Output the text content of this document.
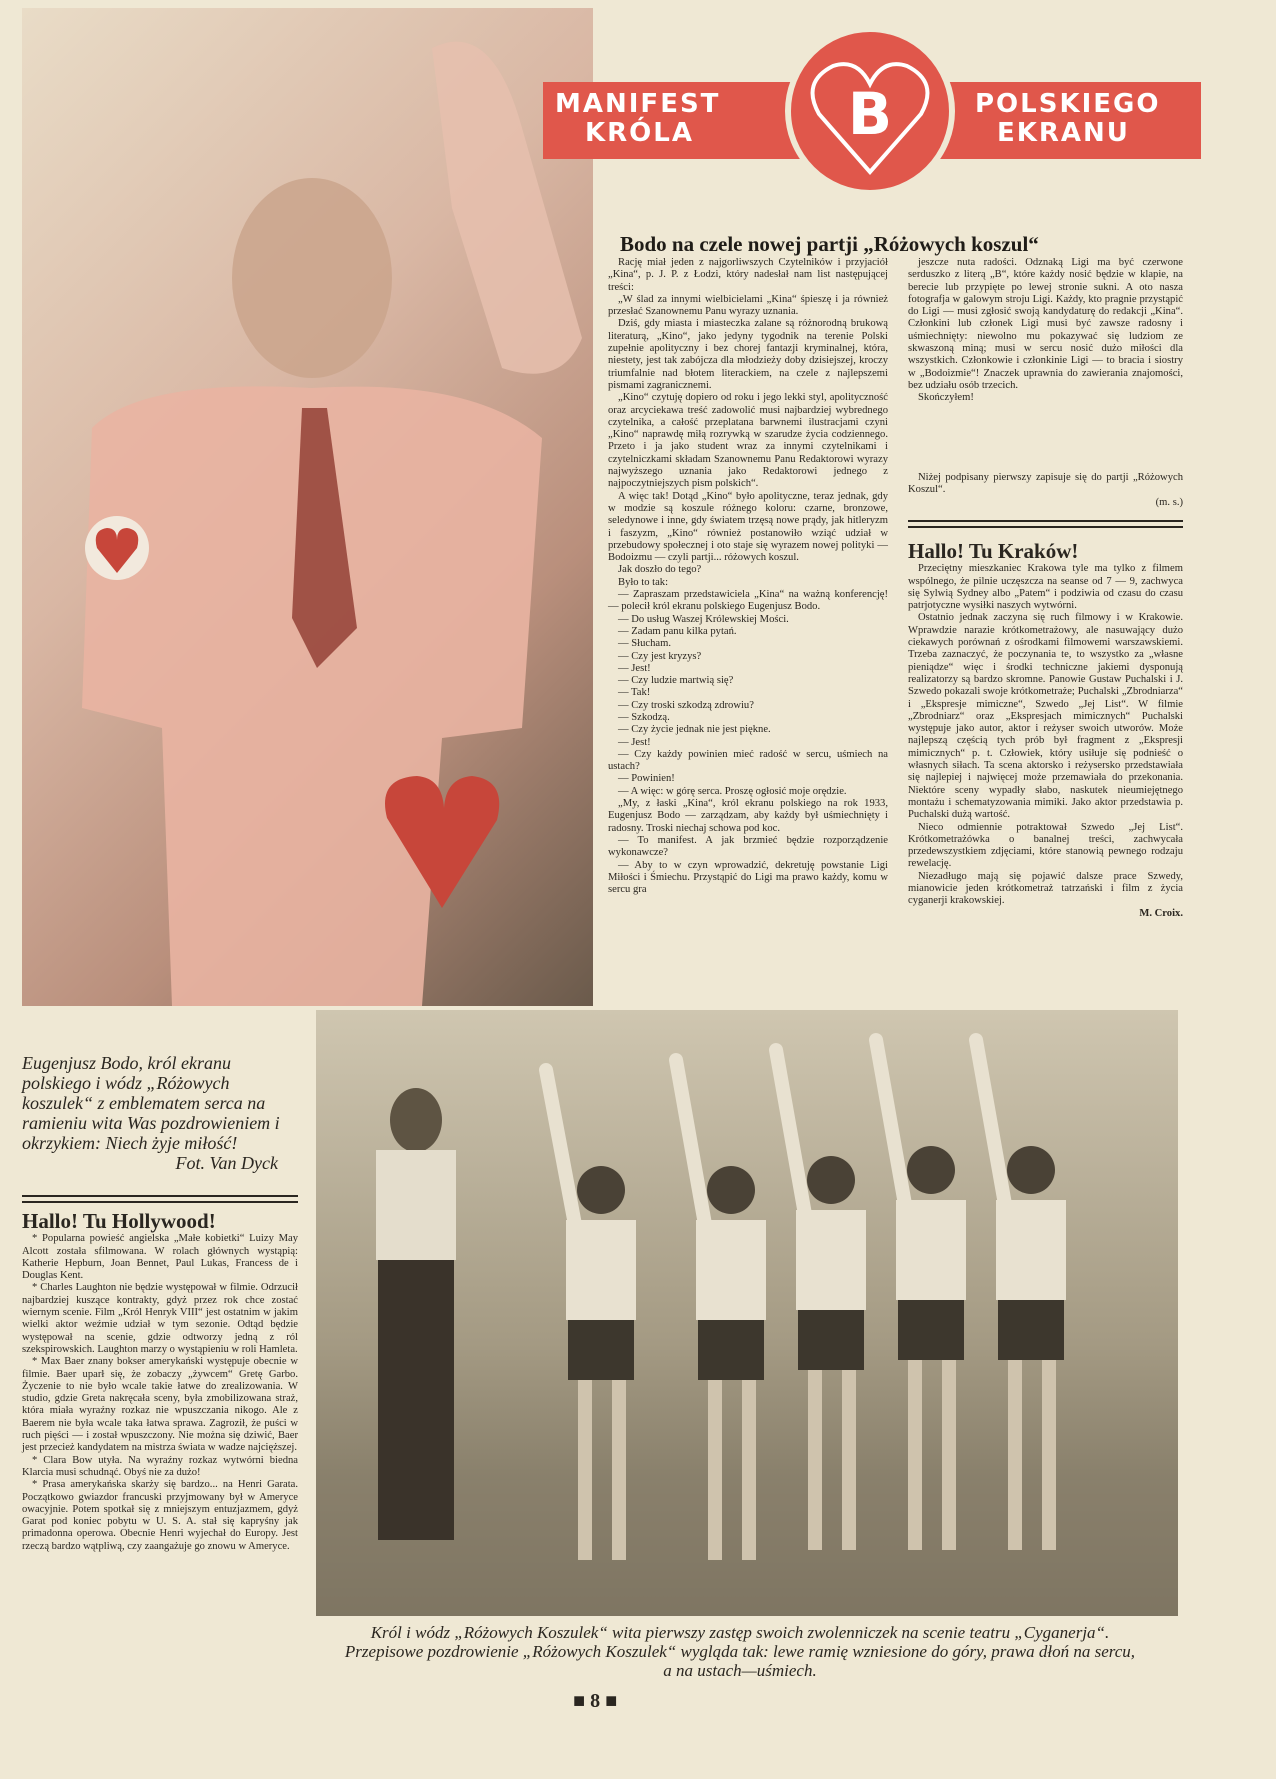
MANIFEST
KRÓLA
POLSKIEGO
EKRANU
B
Bodo na czele nowej partji „Różowych koszul“

Rację miał jeden z najgorliwszych Czytelników i przyjaciół „Kina“, p. J. P. z Łodzi, który nadesłał nam list następującej treści:

„W ślad za innymi wielbicielami „Kina“ śpieszę i ja również przesłać Szanownemu Panu wyrazy uznania.

Dziś, gdy miasta i miasteczka zalane są różnorodną brukową literaturą, „Kino“, jako jedyny tygodnik na terenie Polski zupełnie apolityczny i bez chorej fantazji kryminalnej, która, niestety, jest tak zabójcza dla młodzieży doby dzisiejszej, kroczy triumfalnie nad błotem literackiem, na czele z najlepszemi pismami zagranicznemi.

„Kino“ czytuję dopiero od roku i jego lekki styl, apolityczność oraz arcyciekawa treść zadowolić musi najbardziej wybrednego czytelnika, a całość przeplatana barwnemi ilustracjami czyni „Kino“ naprawdę miłą rozrywką w szarudze życia codziennego. Przeto i ja jako student wraz za innymi czytelnikami i czytelniczkami składam Szanownemu Panu Redaktorowi wyrazy najwyższego uznania jako Redaktorowi jednego z najpoczytniejszych pism polskich“.

A więc tak! Dotąd „Kino“ było apolityczne, teraz jednak, gdy w modzie są koszule różnego koloru: czarne, bronzowe, seledynowe i inne, gdy światem trzęsą nowe prądy, jak hitleryzm i faszyzm, „Kino“ również postanowiło wziąć udział w przebudowy społecznej i oto staje się wyrazem nowej polityki — Bodoizmu — czyli partji... różowych koszul.

Jak doszło do tego?

Było to tak:

— Zapraszam przedstawiciela „Kina“ na ważną konferencję! — polecił król ekranu polskiego Eugenjusz Bodo.

— Do usług Waszej Królewskiej Mości.

— Zadam panu kilka pytań.

— Słucham.

— Czy jest kryzys?

— Jest!

— Czy ludzie martwią się?

— Tak!

— Czy troski szkodzą zdrowiu?

— Szkodzą.

— Czy życie jednak nie jest piękne.

— Jest!

— Czy każdy powinien mieć radość w sercu, uśmiech na ustach?

— Powinien!

— A więc: w górę serca. Proszę ogłosić moje orędzie.

„My, z łaski „Kina“, król ekranu polskiego na rok 1933, Eugenjusz Bodo — zarządzam, aby każdy był uśmiechnięty i radosny. Troski niechaj schowa pod koc.

— To manifest. A jak brzmieć będzie rozporządzenie wykonawcze?

— Aby to w czyn wprowadzić, dekretuję powstanie Ligi Miłości i Śmiechu. Przystąpić do Ligi ma prawo każdy, komu w sercu gra

jeszcze nuta radości. Odznaką Ligi ma być czerwone serduszko z literą „B“, które każdy nosić będzie w klapie, na berecie lub przypięte po lewej stronie sukni. A oto nasza fotografja w galowym stroju Ligi. Każdy, kto pragnie przystąpić do Ligi — musi zgłosić swoją kandydaturę do redakcji „Kina“. Członkini lub członek Ligi musi być zawsze radosny i uśmiechnięty: niewolno mu pokazywać się ludziom ze skwaszoną miną; musi w sercu nosić dużo miłości dla wszystkich. Członkowie i członkinie Ligi — to bracia i siostry w „Bodoizmie“! Znaczek uprawnia do zawierania znajomości, bez udziału osób trzecich.

Skończyłem!

Niżej podpisany pierwszy zapisuje się do partji „Różowych Koszul“.

(m. s.)

Hallo! Tu Kraków!

Przeciętny mieszkaniec Krakowa tyle ma tylko z filmem wspólnego, że pilnie uczęszcza na seanse od 7 — 9, zachwyca się Sylwią Sydney albo „Patem“ i podziwia od czasu do czasu patrjotyczne wysiłki naszych wytwórni.

Ostatnio jednak zaczyna się ruch filmowy i w Krakowie. Wprawdzie narazie krótkometrażowy, ale nasuwający dużo ciekawych porównań z ośrodkami filmowemi warszawskiemi. Trzeba zaznaczyć, że poczynania te, to wszystko za „własne pieniądze“ więc i środki techniczne jakiemi dysponują realizatorzy są bardzo skromne. Panowie Gustaw Puchalski i J. Szwedo pokazali swoje krótkometraże; Puchalski „Zbrodniarza“ i „Ekspresje mimiczne“, Szwedo „Jej List“. W filmie „Zbrodniarz“ oraz „Ekspresjach mimicznych“ Puchalski występuje jako autor, aktor i reżyser swoich utworów. Może najlepszą częścią tych prób był fragment z „Ekspresji mimicznych“ p. t. Człowiek, który usiłuje się podnieść o własnych siłach. Ta scena aktorsko i reżysersko przedstawiała się najlepiej i najwięcej może przemawiała do przekonania. Niektóre sceny wypadły słabo, naskutek nieumiejętnego montażu i schematyzowania mimiki. Jako aktor przedstawia p. Puchalski dużą wartość.

Nieco odmiennie potraktował Szwedo „Jej List“. Krótkometrażówka o banalnej treści, zachwycała przedewszystkiem zdjęciami, które stanowią pewnego rodzaju rewelację.

Niezadługo mają się pojawić dalsze prace Szwedy, mianowicie jeden krótkometraż tatrzański i film z życia cyganerji krakowskiej.

M. Croix.

Eugenjusz Bodo, król ekranu polskiego i wódz „Różowych koszulek“ z emblematem serca na ramieniu wita Was pozdrowieniem i okrzykiem: Niech żyje miłość!
Fot. Van Dyck
Hallo! Tu Hollywood!

* Popularna powieść angielska „Małe kobietki“ Luizy May Alcott została sfilmowana. W rolach głównych wystąpią: Katherie Hepburn, Joan Bennet, Paul Lukas, Francess de i Douglas Kent.

* Charles Laughton nie będzie występował w filmie. Odrzucił najbardziej kuszące kontrakty, gdyż przez rok chce zostać wiernym scenie. Film „Król Henryk VIII“ jest ostatnim w jakim wielki aktor weźmie udział w tym sezonie. Odtąd będzie występował na scenie, gdzie odtworzy jedną z ról szekspirowskich. Laughton marzy o wystąpieniu w roli Hamleta.

* Max Baer znany bokser amerykański występuje obecnie w filmie. Baer uparł się, że zobaczy „żywcem“ Gretę Garbo. Życzenie to nie było wcale takie łatwe do zrealizowania. W studio, gdzie Greta nakręcała sceny, była zmobilizowana straż, która miała wyraźny rozkaz nie wpuszczania nikogo. Ale z Baerem nie była wcale taka łatwa sprawa. Zagroził, że puści w ruch pięści — i został wpuszczony. Nie można się dziwić, Baer jest przecież kandydatem na mistrza świata w wadze najcięższej.

* Clara Bow utyła. Na wyraźny rozkaz wytwórni biedna Klarcia musi schudnąć. Obyś nie za dużo!

* Prasa amerykańska skarży się bardzo... na Henri Garata. Początkowo gwiazdor francuski przyjmowany był w Ameryce owacyjnie. Potem spotkał się z mniejszym entuzjazmem, gdyż Garat pod koniec pobytu w U. S. A. stał się kapryśny jak primadonna operowa. Obecnie Henri wyjechał do Europy. Jest rzeczą bardzo wątpliwą, czy zaangażuje go znowu w Ameryce.

Król i wódz „Różowych Koszulek“ wita pierwszy zastęp swoich zwolenniczek na scenie teatru „Cyganerja“. Przepisowe pozdrowienie „Różowych Koszulek“ wygląda tak: lewe ramię wzniesione do góry, prawa dłoń na sercu, a na ustach—uśmiech.
■ 8 ■
